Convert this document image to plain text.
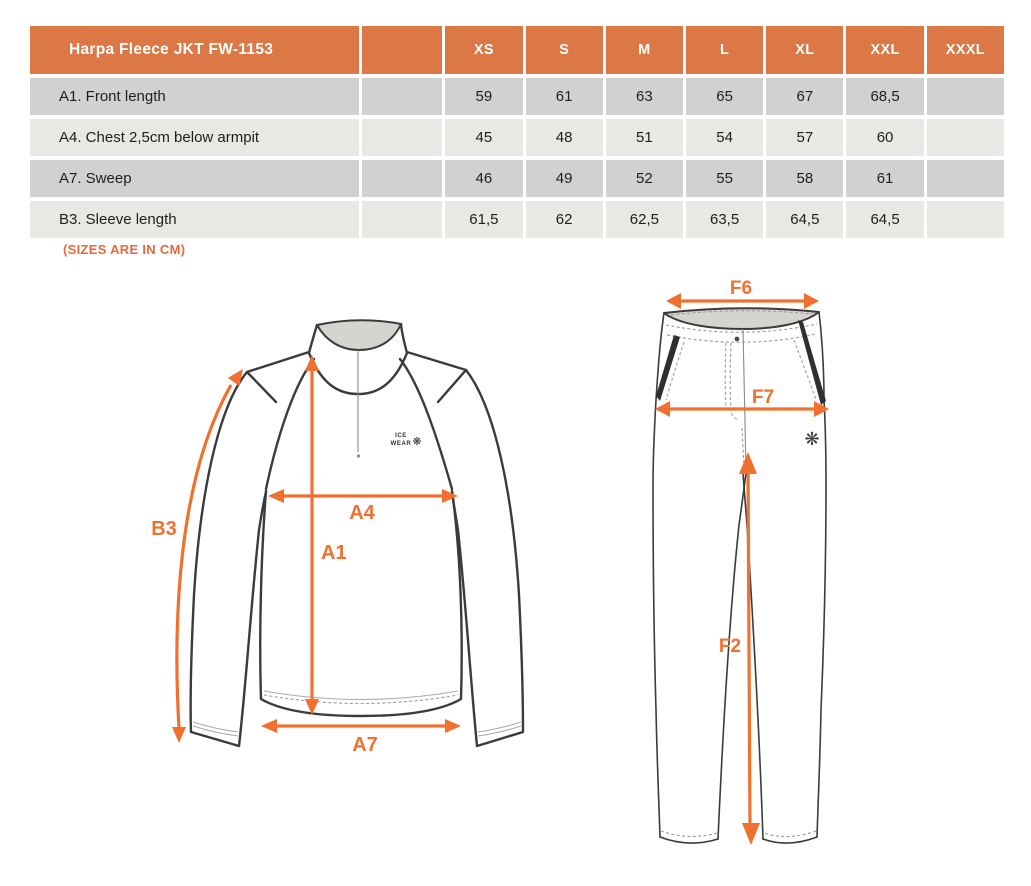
Harpa Fleece JKT FW-1153		XS	S	M	L	XL	XXL	XXXL
A1. Front length		59	61	63	65	67	68,5	
A4. Chest 2,5cm below armpit		45	48	51	54	57	60	
A7. Sweep		46	49	52	55	58	61	
B3. Sleeve length		61,5	62	62,5	63,5	64,5	64,5	
(SIZES ARE IN CM)
ICE
WEAR ❋
B3
A1
A4
A7
❋
F6
F7
F2
